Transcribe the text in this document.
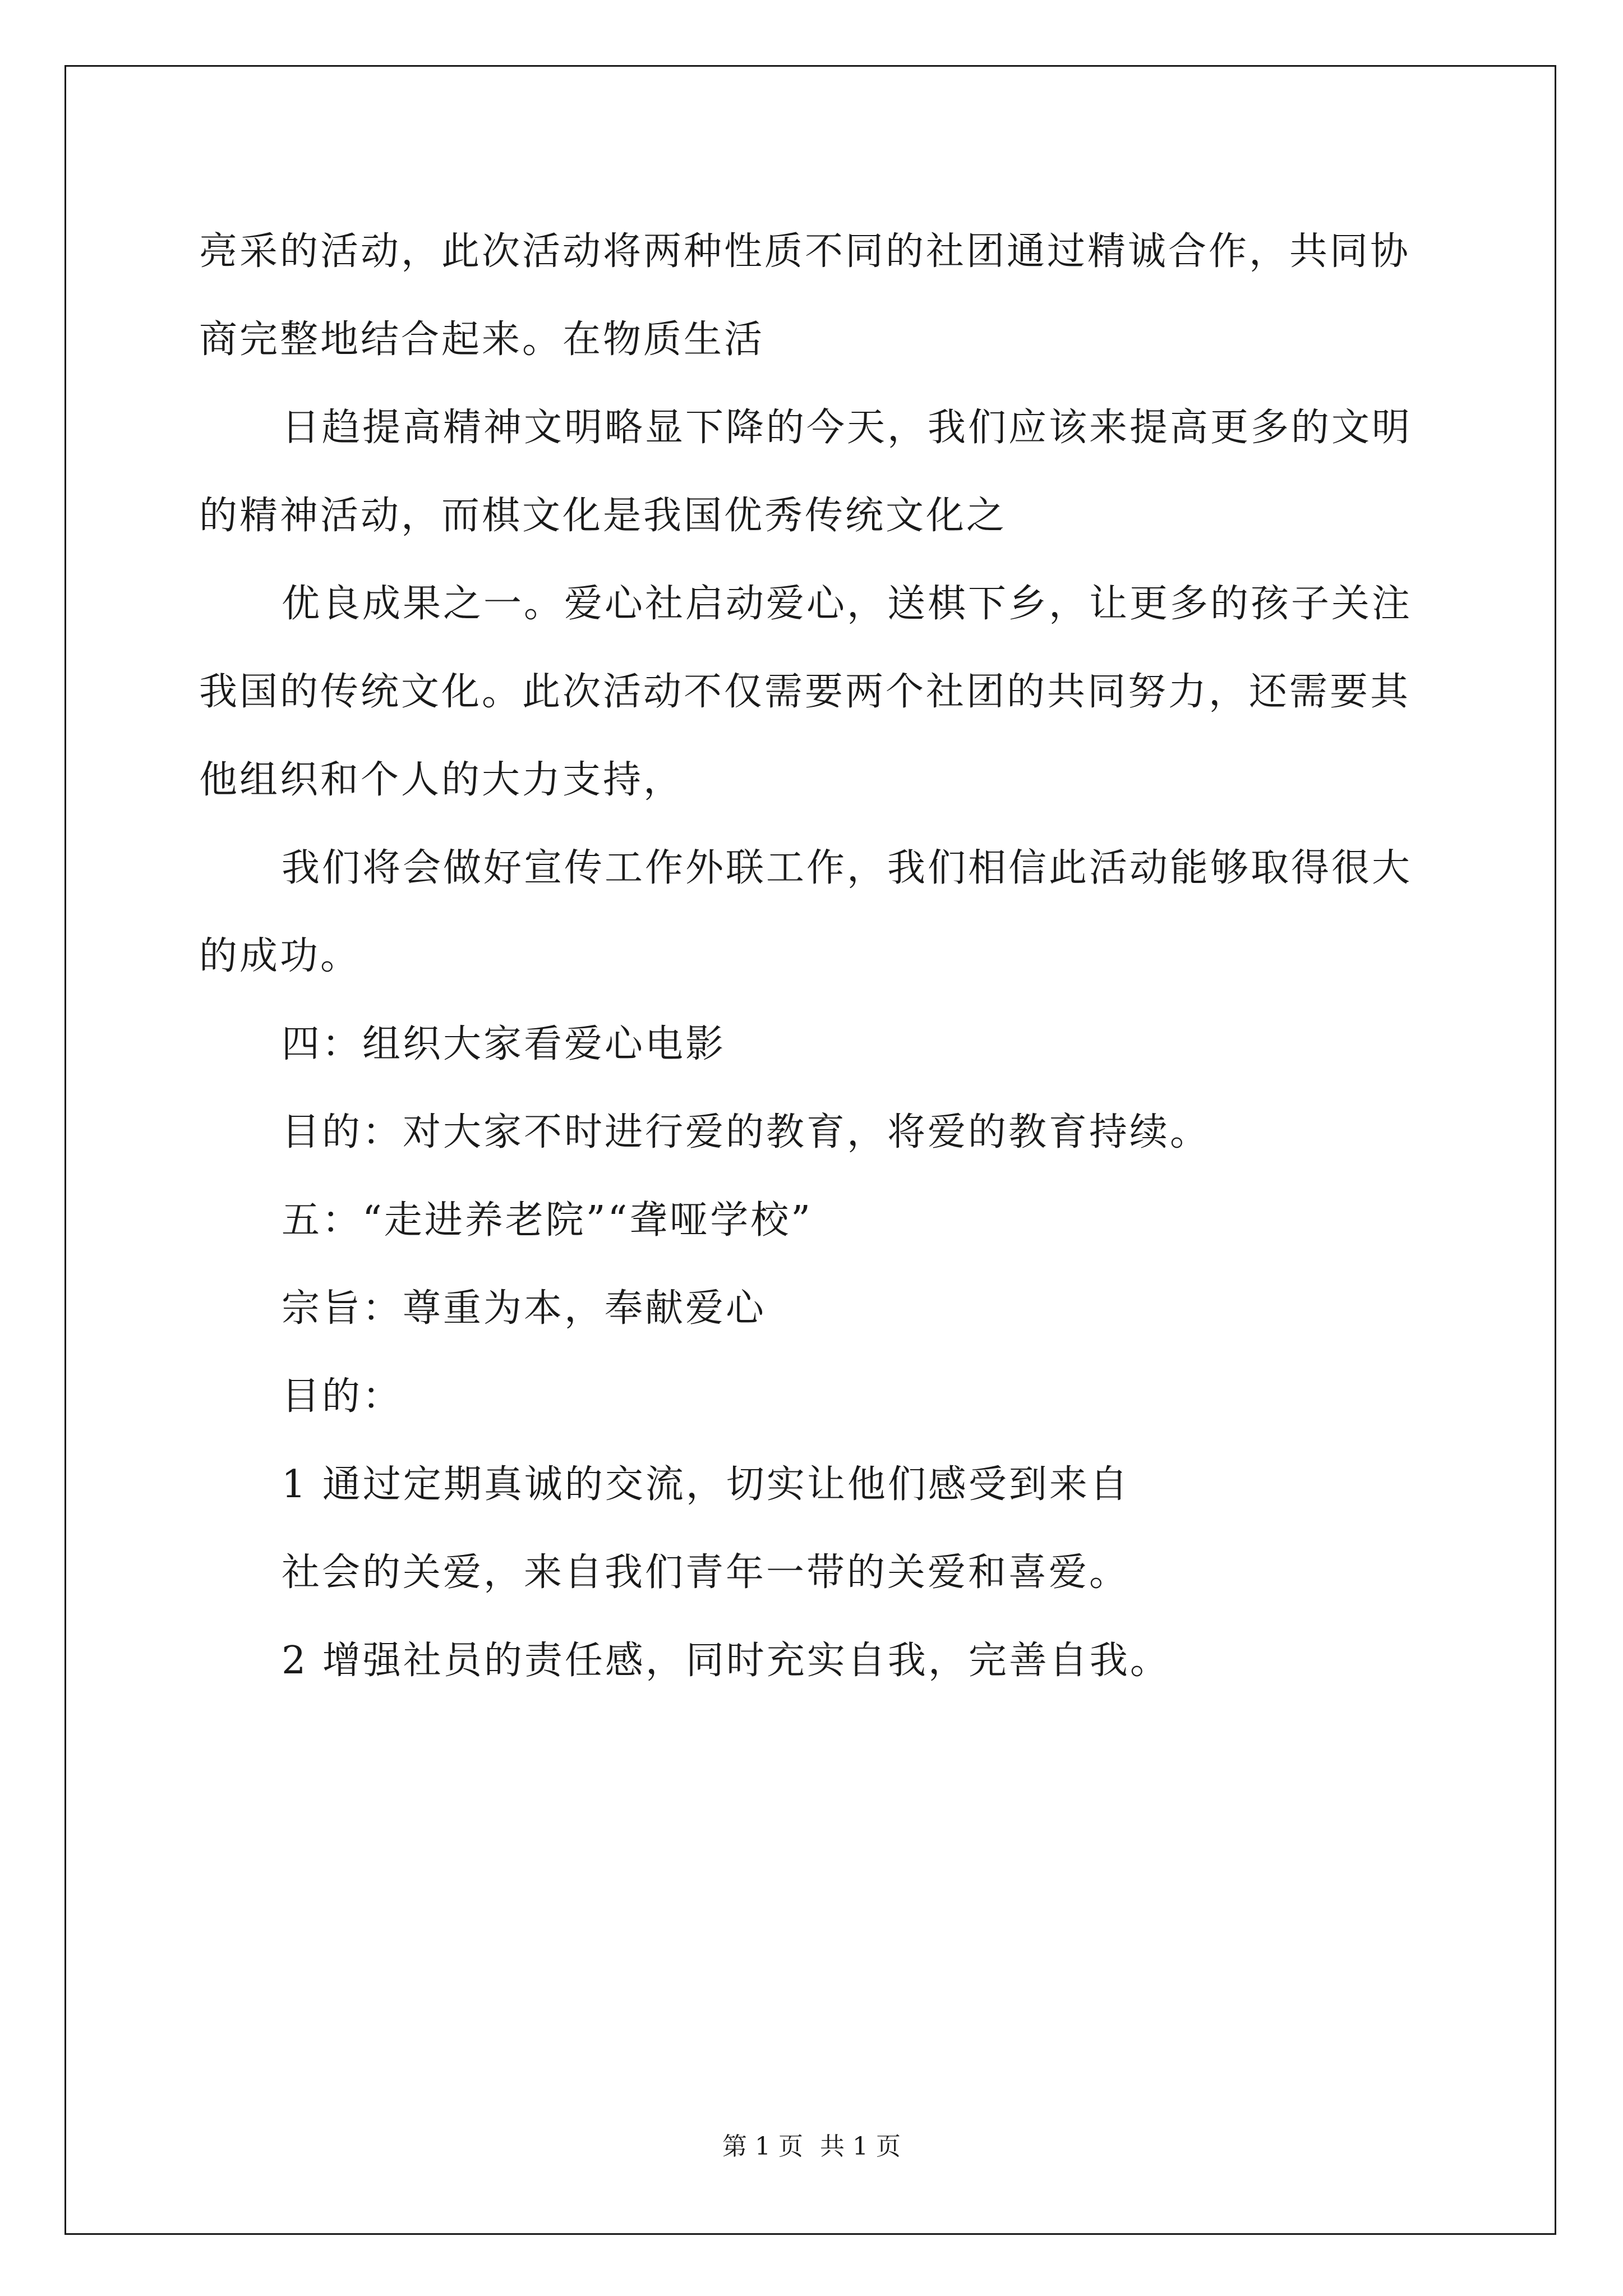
亮采的活动，此次活动将两种性质不同的社团通过精诚合作，共同协商完整地结合起来。在物质生活

日趋提高精神文明略显下降的今天，我们应该来提高更多的文明的精神活动，而棋文化是我国优秀传统文化之

优良成果之一。爱心社启动爱心，送棋下乡，让更多的孩子关注我国的传统文化。此次活动不仅需要两个社团的共同努力，还需要其他组织和个人的大力支持，

我们将会做好宣传工作外联工作，我们相信此活动能够取得很大的成功。

四：组织大家看爱心电影

目的：对大家不时进行爱的教育，将爱的教育持续。

五：“走进养老院”“聋哑学校”

宗旨：尊重为本，奉献爱心

目的：

1 通过定期真诚的交流，切实让他们感受到来自

社会的关爱，来自我们青年一带的关爱和喜爱。

2 增强社员的责任感，同时充实自我，完善自我。

第 1 页 共 1 页
